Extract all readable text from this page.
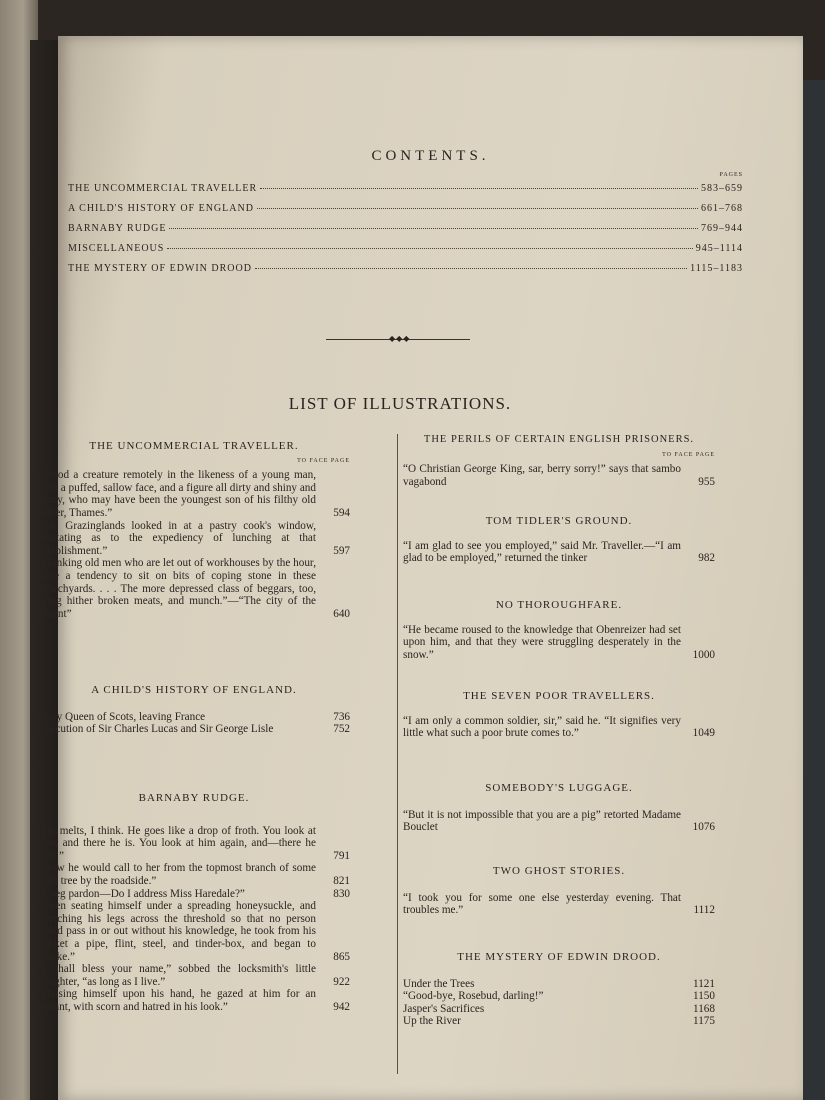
CONTENTS.
PAGES
THE UNCOMMERCIAL TRAVELLER	583–659
A CHILD'S HISTORY OF ENGLAND	661–768
BARNABY RUDGE	769–944
MISCELLANEOUS	945–1114
THE MYSTERY OF EDWIN DROOD	1115–1183
◆◆◆
LIST OF ILLUSTRATIONS.
THE UNCOMMERCIAL TRAVELLER.
TO FACE PAGE
“Stood a creature remotely in the likeness of a young man, with a puffed, sallow face, and a figure all dirty and shiny and slimy, who may have been the youngest son of his filthy old father, Thames.”	594
“Mr. Grazinglands looked in at a pastry cook's window, hesitating as to the expediency of lunching at that establishment.”	597
“Blinking old men who are let out of workhouses by the hour, have a tendency to sit on bits of coping stone in these churchyards. . . . The more depressed class of beggars, too, bring hither broken meats, and munch.”—“The city of the absent”	640
A CHILD'S HISTORY OF ENGLAND.
Mary Queen of Scots, leaving France	736
Execution of Sir Charles Lucas and Sir George Lisle	752
BARNABY RUDGE.
“He melts, I think. He goes like a drop of froth. You look at him, and there he is. You look at him again, and—there he isn't.”	791
“Now he would call to her from the topmost branch of some high tree by the roadside.”	821
“I beg pardon—Do I address Miss Haredale?”	830
“Then seating himself under a spreading honeysuckle, and stretching his legs across the threshold so that no person could pass in or out without his knowledge, he took from his pocket a pipe, flint, steel, and tinder-box, and began to smoke.”	865
“I shall bless your name,” sobbed the locksmith's little daughter, “as long as I live.”	922
“Raising himself upon his hand, he gazed at him for an instant, with scorn and hatred in his look.”	942
THE PERILS OF CERTAIN ENGLISH PRISONERS.
TO FACE PAGE
“O Christian George King, sar, berry sorry!” says that sambo vagabond	955
TOM TIDLER'S GROUND.
“I am glad to see you employed,” said Mr. Traveller.—“I am glad to be employed,” returned the tinker	982
NO THOROUGHFARE.
“He became roused to the knowledge that Obenreizer had set upon him, and that they were struggling desperately in the snow.”	1000
THE SEVEN POOR TRAVELLERS.
“I am only a common soldier, sir,” said he. “It signifies very little what such a poor brute comes to.”	1049
SOMEBODY'S LUGGAGE.
“But it is not impossible that you are a pig” retorted Madame Bouclet	1076
TWO GHOST STORIES.
“I took you for some one else yesterday evening. That troubles me.”	1112
THE MYSTERY OF EDWIN DROOD.
Under the Trees	1121
“Good-bye, Rosebud, darling!”	1150
Jasper's Sacrifices	1168
Up the River	1175
